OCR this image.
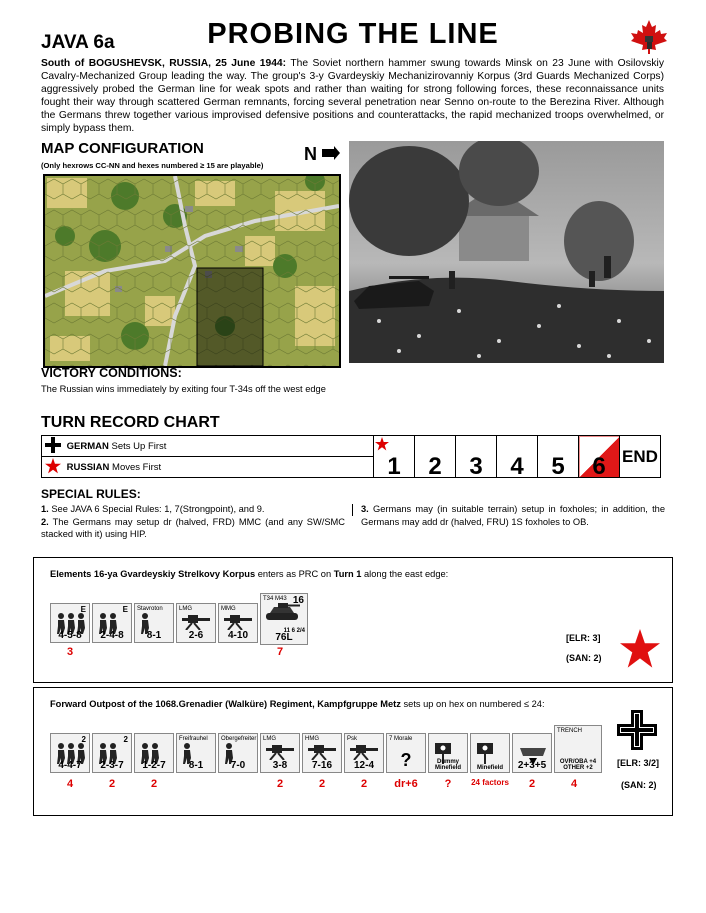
JAVA 6a	PROBING THE LINE
South of BOGUSHEVSK, RUSSIA, 25 June 1944: The Soviet northern hammer swung towards Minsk on 23 June with Osilovskiy Cavalry-Mechanized Group leading the way. The group's 3-y Gvardeyskiy Mechanizirovanniy Korpus (3rd Guards Mechanized Corps) aggressively probed the German line for weak spots and rather than waiting for strong following forces, these reconnaissance units fought their way through scattered German remnants, forcing several penetration near Senno on-route to the Berezina River. Although the Germans threw together various improvised defensive positions and counterattacks, the rapid mechanized troops overwhelmed, or simply bypass them.
MAP CONFIGURATION
(Only hexrows CC-NN and hexes numbered ≥ 15 are playable)
N
VICTORY CONDITIONS:
The Russian wins immediately by exiting four T-34s off the west edge
TURN RECORD CHART
GERMAN Sets Up First	
1	2	3	4	5	6	END
RUSSIAN Moves First
SPECIAL RULES:
1. See JAVA 6 Special Rules: 1, 7(Strongpoint), and 9.
2. The Germans may setup dr (halved, FRD) MMC (and any SW/SMC stacked with it) using HIP.
3. Germans may (in suitable terrain) setup in foxholes; in addition, the Germans may add dr (halved, FRU) 1S foxholes to OB.
Elements 16-ya Gvardeyskiy Strelkovy Korpus enters as PRC on Turn 1 along the east edge:
E
4-5-8
3
E
2-4-8
Stavroton
8-1
LMG
2-6
MMG
4-10
T34 M43
76L
16
11 6 2/4
7
[ELR: 3]
(SAN: 2)
Forward Outpost of the 1068.Grenadier (Walküre) Regiment, Kampfgruppe Metz sets up on hex on numbered ≤ 24:
2
4-4-7
4
2
2-3-7
2
1-2-7
2
Freifrauhel
8-1
Obergefreiter
7-0
LMG
3-8
2
HMG
7-16
2
Psk
12-4
2
7 Morale
?
dr+6
Dummy Minefield
?
Minefield
24 factors
2+3+5
2
TRENCH
OVR/OBA +4 OTHER +2
4
[ELR: 3/2]
(SAN: 2)
